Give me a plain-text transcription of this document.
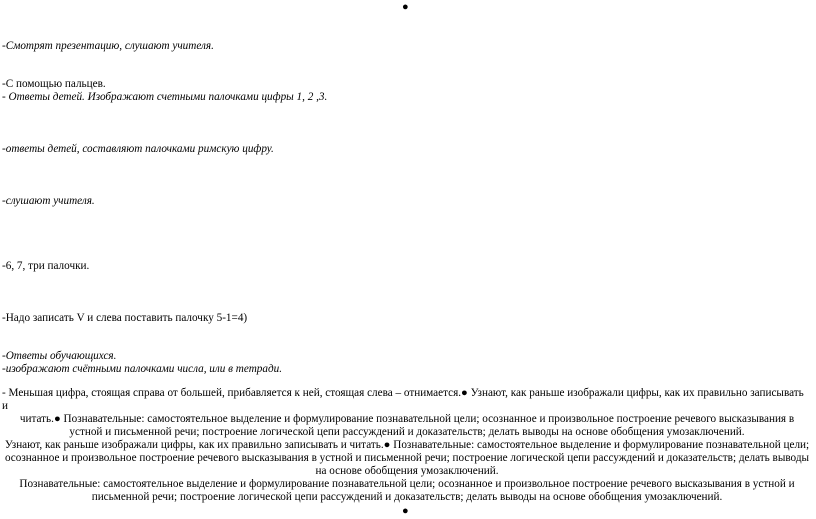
●
-Смотрят презентацию, слушают учителя.
-С помощью пальцев.
- Ответы детей. Изображают счетными палочками цифры 1, 2 ,3.
-ответы детей, составляют палочками римскую цифру.
-слушают учителя.
-6, 7, три палочки.
-Надо записать V и слева поставить палочку 5-1=4)
-Ответы обучающихся.
-изображают счётными палочками числа, или в тетради.
- Меньшая цифра, стоящая справа от большей, прибавляется к ней, стоящая слева – отнимается.● Узнают, как раньше изображали цифры, как их правильно записывать и
читать.● Познавательные: самостоятельное выделение и формулирование познавательной цели; осознанное и произвольное построение речевого высказывания в
устной и письменной речи; построение логической цепи рассуждений и доказательств; делать выводы на основе обобщения умозаключений.
Узнают, как раньше изображали цифры, как их правильно записывать и читать.● Познавательные: самостоятельное выделение и формулирование познавательной цели;
осознанное и произвольное построение речевого высказывания в устной и письменной речи; построение логической цепи рассуждений и доказательств; делать выводы
на основе обобщения умозаключений.
Познавательные: самостоятельное выделение и формулирование познавательной цели; осознанное и произвольное построение речевого высказывания в устной и
письменной речи; построение логической цепи рассуждений и доказательств; делать выводы на основе обобщения умозаключений.
●
